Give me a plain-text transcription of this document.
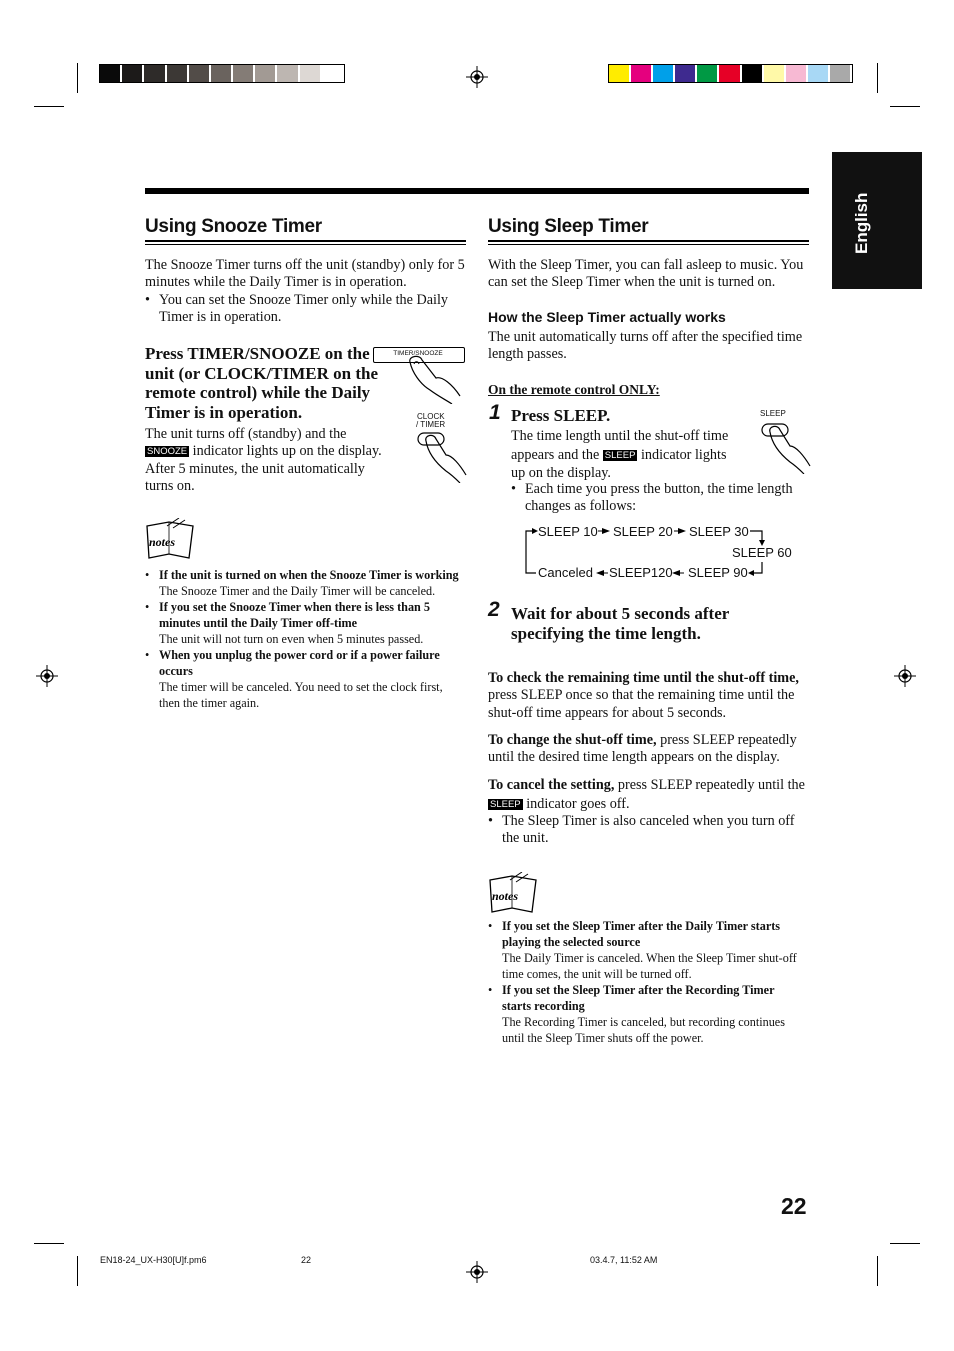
English
Using Snooze Timer
The Snooze Timer turns off the unit (standby) only for 5 minutes while the Daily Timer is in operation.
• You can set the Snooze Timer only while the Daily Timer is in operation.
Press TIMER/SNOOZE on the unit (or CLOCK/TIMER on the remote control) while the Daily Timer is in operation.
The unit turns off (standby) and the
SNOOZE indicator lights up on the display. After 5 minutes, the unit automatically turns on.
TIMER/SNOOZE
CLOCK
/ TIMER
notes
• If the unit is turned on when the Snooze Timer is working
The Snooze Timer and the Daily Timer will be canceled.
• If you set the Snooze Timer when there is less than 5 minutes until the Daily Timer off-time
The unit will not turn on even when 5 minutes passed.
• When you unplug the power cord or if a power failure occurs
The timer will be canceled. You need to set the clock first, then the timer again.
Using Sleep Timer
With the Sleep Timer, you can fall asleep to music. You can set the Sleep Timer when the unit is turned on.
How the Sleep Timer actually works
The unit automatically turns off after the specified time length passes.
On the remote control ONLY:
1 Press SLEEP.
The time length until the shut-off time appears and the SLEEP indicator lights up on the display.
• Each time you press the button, the time length changes as follows:
SLEEP
SLEEP 10 SLEEP 20 SLEEP 30
SLEEP 60
Canceled SLEEP120 SLEEP 90
2 Wait for about 5 seconds after specifying the time length.
To check the remaining time until the shut-off time, press SLEEP once so that the remaining time until the shut-off time appears for about 5 seconds.
To change the shut-off time, press SLEEP repeatedly until the desired time length appears on the display.
To cancel the setting, press SLEEP repeatedly until the SLEEP indicator goes off.
• The Sleep Timer is also canceled when you turn off the unit.
notes
• If you set the Sleep Timer after the Daily Timer starts playing the selected source
The Daily Timer is canceled. When the Sleep Timer shut-off time comes, the unit will be turned off.
• If you set the Sleep Timer after the Recording Timer starts recording
The Recording Timer is canceled, but recording continues until the Sleep Timer shuts off the power.
22
EN18-24_UX-H30[U]f.pm6	22	03.4.7, 11:52 AM
